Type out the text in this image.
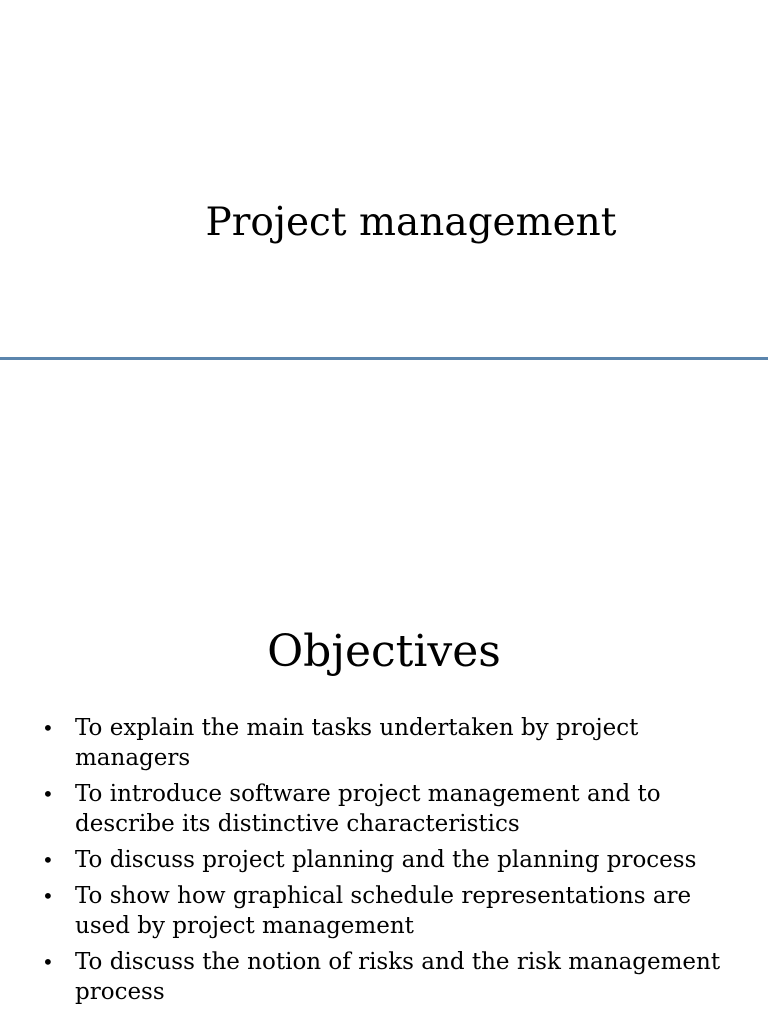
Project management
Objectives
• To explain the main tasks undertaken by project managers
• To introduce software project management and to describe its distinctive characteristics
• To discuss project planning and the planning process
• To show how graphical schedule representations are used by project management
• To discuss the notion of risks and the risk management process
